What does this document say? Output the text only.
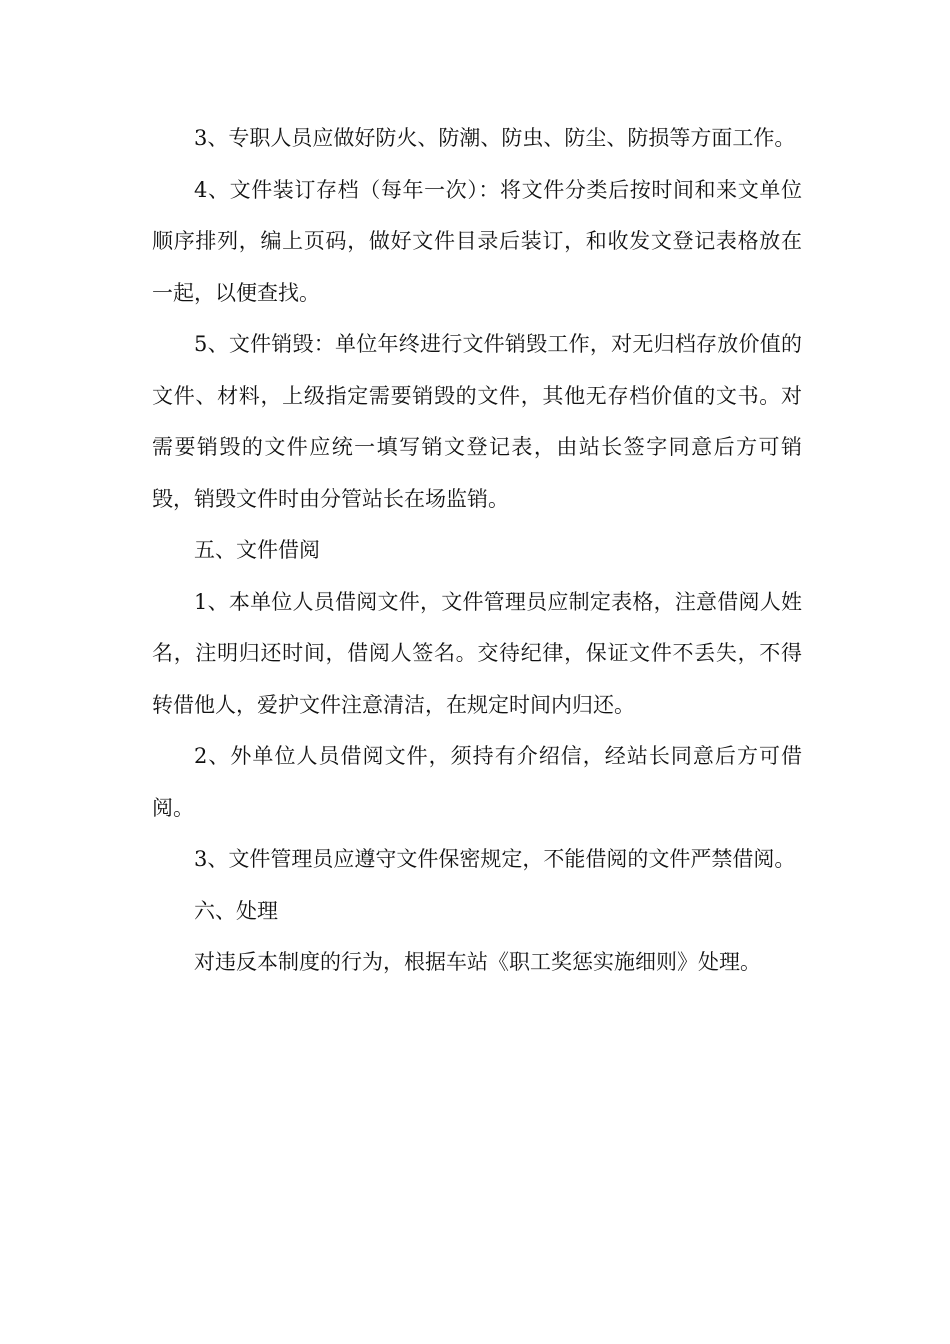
3、专职人员应做好防火、防潮、防虫、防尘、防损等方面工作。

4、文件装订存档（每年一次）：将文件分类后按时间和来文单位顺序排列，编上页码，做好文件目录后装订，和收发文登记表格放在一起，以便查找。

5、文件销毁：单位年终进行文件销毁工作，对无归档存放价值的文件、材料，上级指定需要销毁的文件，其他无存档价值的文书。对需要销毁的文件应统一填写销文登记表，由站长签字同意后方可销毁，销毁文件时由分管站长在场监销。

五、文件借阅

1、本单位人员借阅文件，文件管理员应制定表格，注意借阅人姓名，注明归还时间，借阅人签名。交待纪律，保证文件不丢失，不得转借他人，爱护文件注意清洁，在规定时间内归还。

2、外单位人员借阅文件，须持有介绍信，经站长同意后方可借阅。

3、文件管理员应遵守文件保密规定，不能借阅的文件严禁借阅。

六、处理

对违反本制度的行为，根据车站《职工奖惩实施细则》处理。
